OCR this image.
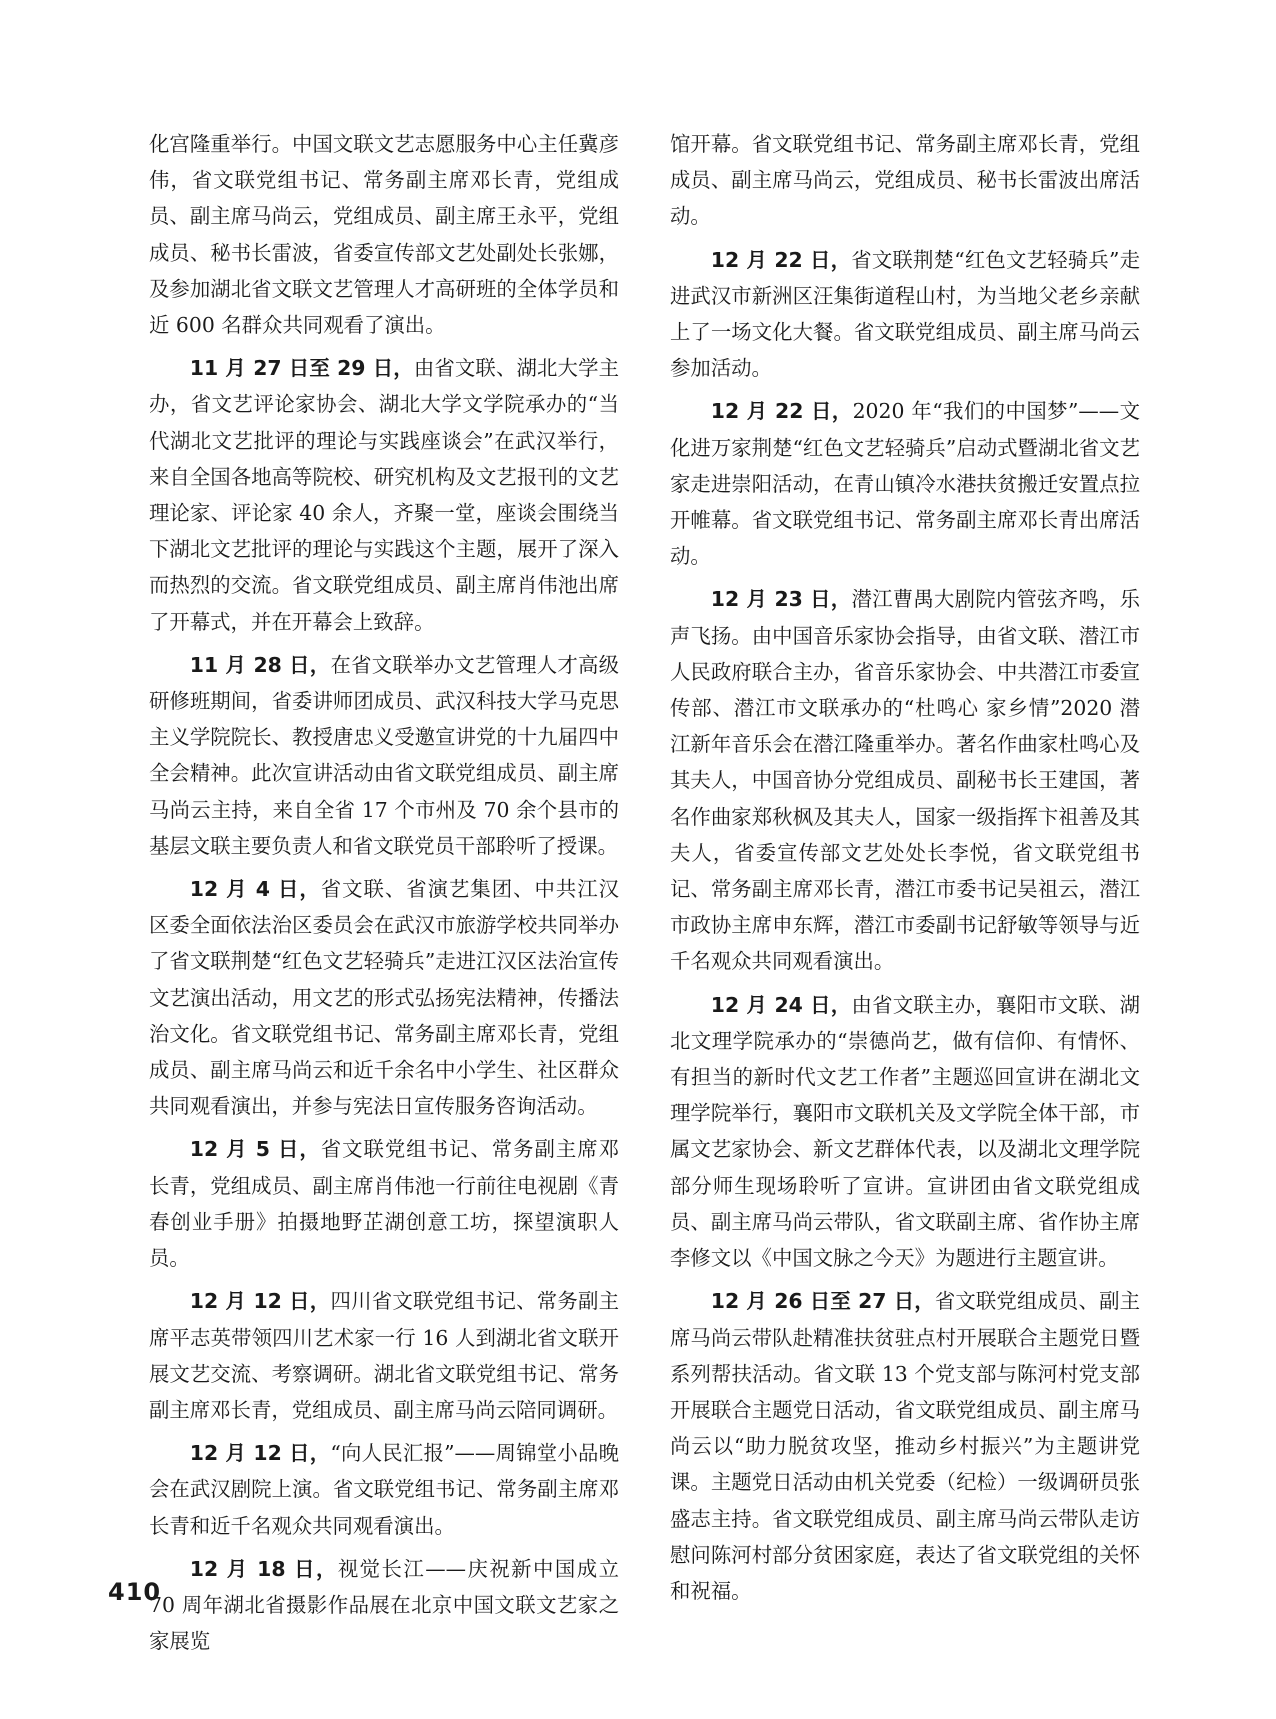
化宫隆重举行。中国文联文艺志愿服务中心主任冀彦伟，省文联党组书记、常务副主席邓长青，党组成员、副主席马尚云，党组成员、副主席王永平，党组成员、秘书长雷波，省委宣传部文艺处副处长张娜，及参加湖北省文联文艺管理人才高研班的全体学员和近 600 名群众共同观看了演出。

11 月 27 日至 29 日，由省文联、湖北大学主办，省文艺评论家协会、湖北大学文学院承办的“当代湖北文艺批评的理论与实践座谈会”在武汉举行，来自全国各地高等院校、研究机构及文艺报刊的文艺理论家、评论家 40 余人，齐聚一堂，座谈会围绕当下湖北文艺批评的理论与实践这个主题，展开了深入而热烈的交流。省文联党组成员、副主席肖伟池出席了开幕式，并在开幕会上致辞。

11 月 28 日，在省文联举办文艺管理人才高级研修班期间，省委讲师团成员、武汉科技大学马克思主义学院院长、教授唐忠义受邀宣讲党的十九届四中全会精神。此次宣讲活动由省文联党组成员、副主席马尚云主持，来自全省 17 个市州及 70 余个县市的基层文联主要负责人和省文联党员干部聆听了授课。

12 月 4 日，省文联、省演艺集团、中共江汉区委全面依法治区委员会在武汉市旅游学校共同举办了省文联荆楚“红色文艺轻骑兵”走进江汉区法治宣传文艺演出活动，用文艺的形式弘扬宪法精神，传播法治文化。省文联党组书记、常务副主席邓长青，党组成员、副主席马尚云和近千余名中小学生、社区群众共同观看演出，并参与宪法日宣传服务咨询活动。

12 月 5 日，省文联党组书记、常务副主席邓长青，党组成员、副主席肖伟池一行前往电视剧《青春创业手册》拍摄地野芷湖创意工坊，探望演职人员。

12 月 12 日，四川省文联党组书记、常务副主席平志英带领四川艺术家一行 16 人到湖北省文联开展文艺交流、考察调研。湖北省文联党组书记、常务副主席邓长青，党组成员、副主席马尚云陪同调研。

12 月 12 日，“向人民汇报”——周锦堂小品晚会在武汉剧院上演。省文联党组书记、常务副主席邓长青和近千名观众共同观看演出。

12 月 18 日，视觉长江——庆祝新中国成立 70 周年湖北省摄影作品展在北京中国文联文艺家之家展览

馆开幕。省文联党组书记、常务副主席邓长青，党组成员、副主席马尚云，党组成员、秘书长雷波出席活动。

12 月 22 日，省文联荆楚“红色文艺轻骑兵”走进武汉市新洲区汪集街道程山村，为当地父老乡亲献上了一场文化大餐。省文联党组成员、副主席马尚云参加活动。

12 月 22 日，2020 年“我们的中国梦”——文化进万家荆楚“红色文艺轻骑兵”启动式暨湖北省文艺家走进崇阳活动，在青山镇冷水港扶贫搬迁安置点拉开帷幕。省文联党组书记、常务副主席邓长青出席活动。

12 月 23 日，潜江曹禺大剧院内管弦齐鸣，乐声飞扬。由中国音乐家协会指导，由省文联、潜江市人民政府联合主办，省音乐家协会、中共潜江市委宣传部、潜江市文联承办的“杜鸣心 家乡情”2020 潜江新年音乐会在潜江隆重举办。著名作曲家杜鸣心及其夫人，中国音协分党组成员、副秘书长王建国，著名作曲家郑秋枫及其夫人，国家一级指挥卞祖善及其夫人，省委宣传部文艺处处长李悦，省文联党组书记、常务副主席邓长青，潜江市委书记吴祖云，潜江市政协主席申东辉，潜江市委副书记舒敏等领导与近千名观众共同观看演出。

12 月 24 日，由省文联主办，襄阳市文联、湖北文理学院承办的“崇德尚艺，做有信仰、有情怀、有担当的新时代文艺工作者”主题巡回宣讲在湖北文理学院举行，襄阳市文联机关及文学院全体干部，市属文艺家协会、新文艺群体代表，以及湖北文理学院部分师生现场聆听了宣讲。宣讲团由省文联党组成员、副主席马尚云带队，省文联副主席、省作协主席李修文以《中国文脉之今天》为题进行主题宣讲。

12 月 26 日至 27 日，省文联党组成员、副主席马尚云带队赴精准扶贫驻点村开展联合主题党日暨系列帮扶活动。省文联 13 个党支部与陈河村党支部开展联合主题党日活动，省文联党组成员、副主席马尚云以“助力脱贫攻坚，推动乡村振兴”为主题讲党课。主题党日活动由机关党委（纪检）一级调研员张盛志主持。省文联党组成员、副主席马尚云带队走访慰问陈河村部分贫困家庭，表达了省文联党组的关怀和祝福。

410
